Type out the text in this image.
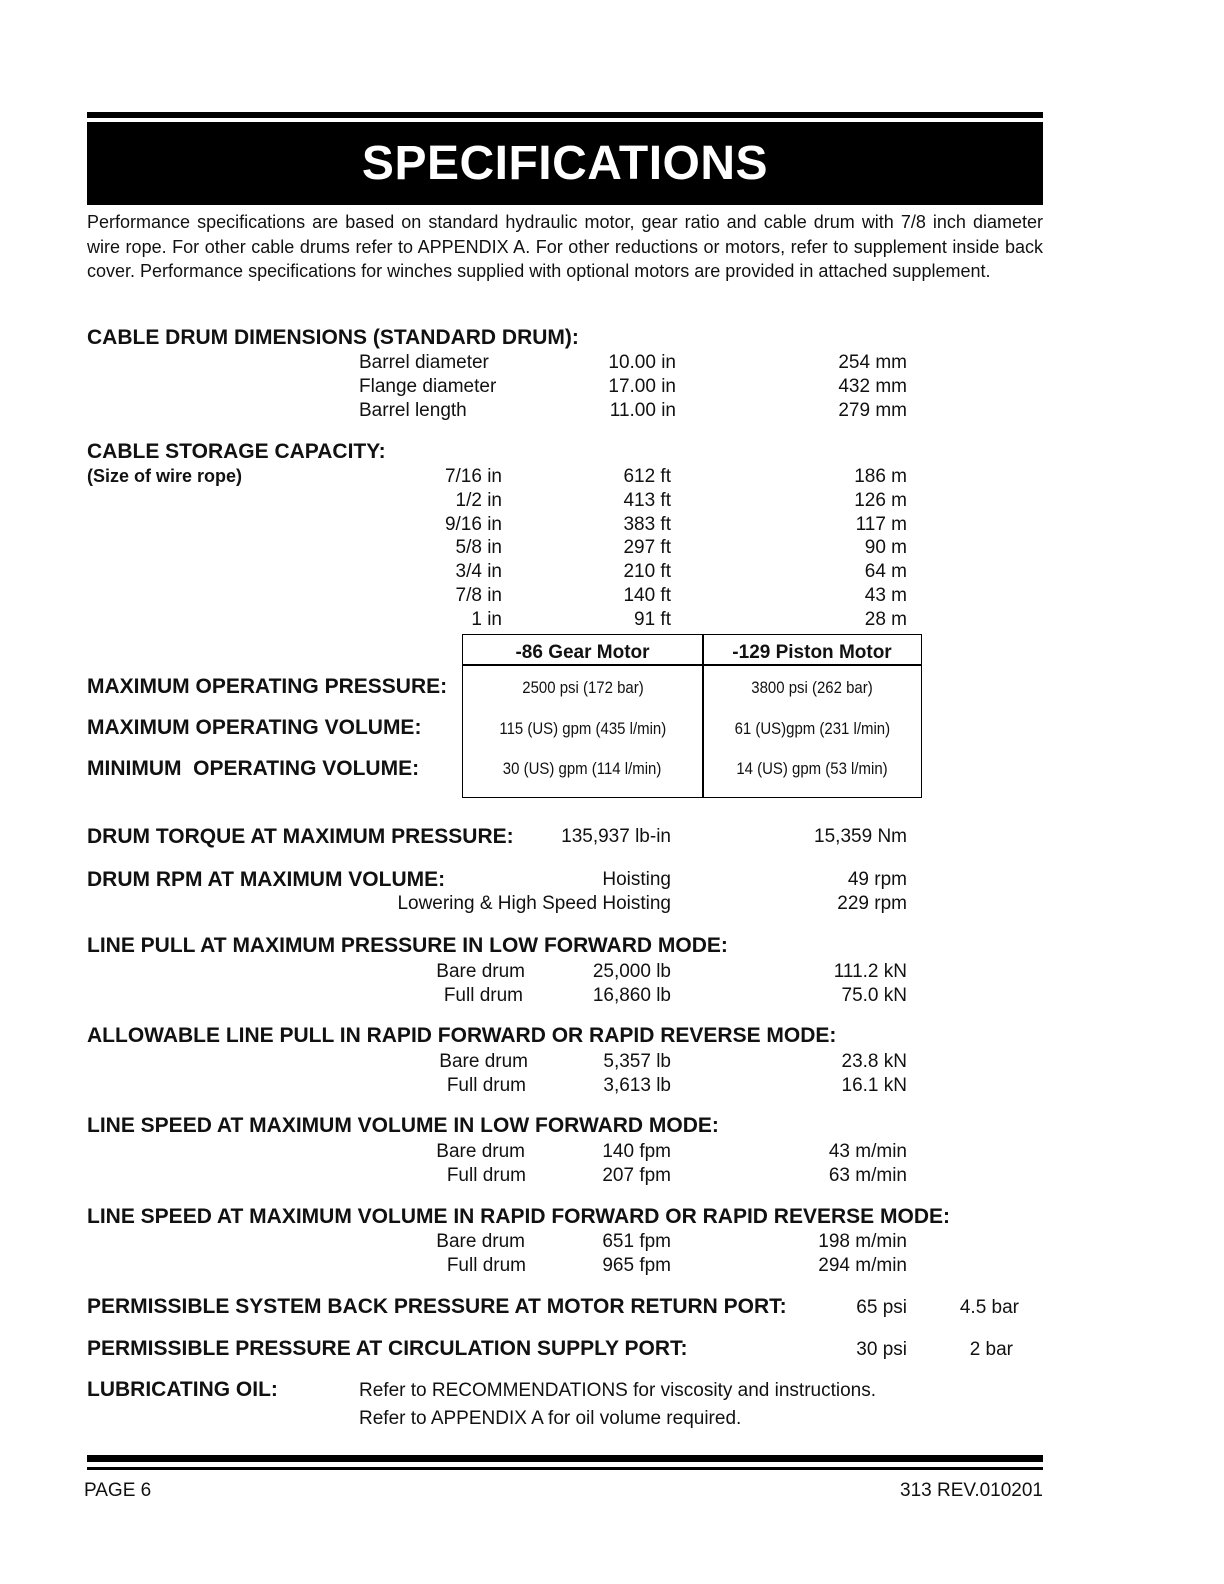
SPECIFICATIONS
Performance specifications are based on standard hydraulic motor, gear ratio and cable drum with 7/8 inch diameter wire rope. For other cable drums refer to APPENDIX A. For other reductions or motors, refer to supplement inside back cover. Performance specifications for winches supplied with optional motors are provided in attached supplement.
CABLE DRUM DIMENSIONS (STANDARD DRUM):
Barrel diameter	10.00 in	254 mm
Flange diameter	17.00 in	432 mm
Barrel length	11.00 in	279 mm
CABLE STORAGE CAPACITY:
(Size of wire rope)	7/16 in	612 ft	186 m
1/2 in	413 ft	126 m
9/16 in	383 ft	117 m
5/8 in	297 ft	90 m
3/4 in	210 ft	64 m
7/8 in	140 ft	43 m
1 in	91 ft	28 m
-86 Gear Motor	-129 Piston Motor
MAXIMUM OPERATING PRESSURE:	2500 psi (172 bar)	3800 psi (262 bar)
MAXIMUM OPERATING VOLUME:	115 (US) gpm (435 l/min)	61 (US)gpm (231 l/min)
MINIMUM  OPERATING VOLUME:	30 (US) gpm (114 l/min)	14 (US) gpm (53 l/min)
DRUM TORQUE AT MAXIMUM PRESSURE:	135,937 lb-in	15,359 Nm
DRUM RPM AT MAXIMUM VOLUME:	Hoisting	49 rpm
Lowering & High Speed Hoisting	229 rpm
LINE PULL AT MAXIMUM PRESSURE IN LOW FORWARD MODE:
Bare drum	25,000 lb	111.2 kN
Full drum	16,860 lb	75.0 kN
ALLOWABLE LINE PULL IN RAPID FORWARD OR RAPID REVERSE MODE:
Bare drum	5,357 lb	23.8 kN
Full drum	3,613 lb	16.1 kN
LINE SPEED AT MAXIMUM VOLUME IN LOW FORWARD MODE:
Bare drum	140 fpm	43 m/min
Full drum	207 fpm	63 m/min
LINE SPEED AT MAXIMUM VOLUME IN RAPID FORWARD OR RAPID REVERSE MODE:
Bare drum	651 fpm	198 m/min
Full drum	965 fpm	294 m/min
PERMISSIBLE SYSTEM BACK PRESSURE AT MOTOR RETURN PORT:	65 psi	4.5 bar
PERMISSIBLE PRESSURE AT CIRCULATION SUPPLY PORT:	30 psi	2 bar
LUBRICATING OIL:	Refer to RECOMMENDATIONS for viscosity and instructions.
Refer to APPENDIX A for oil volume required.
PAGE 6	313 REV.010201
